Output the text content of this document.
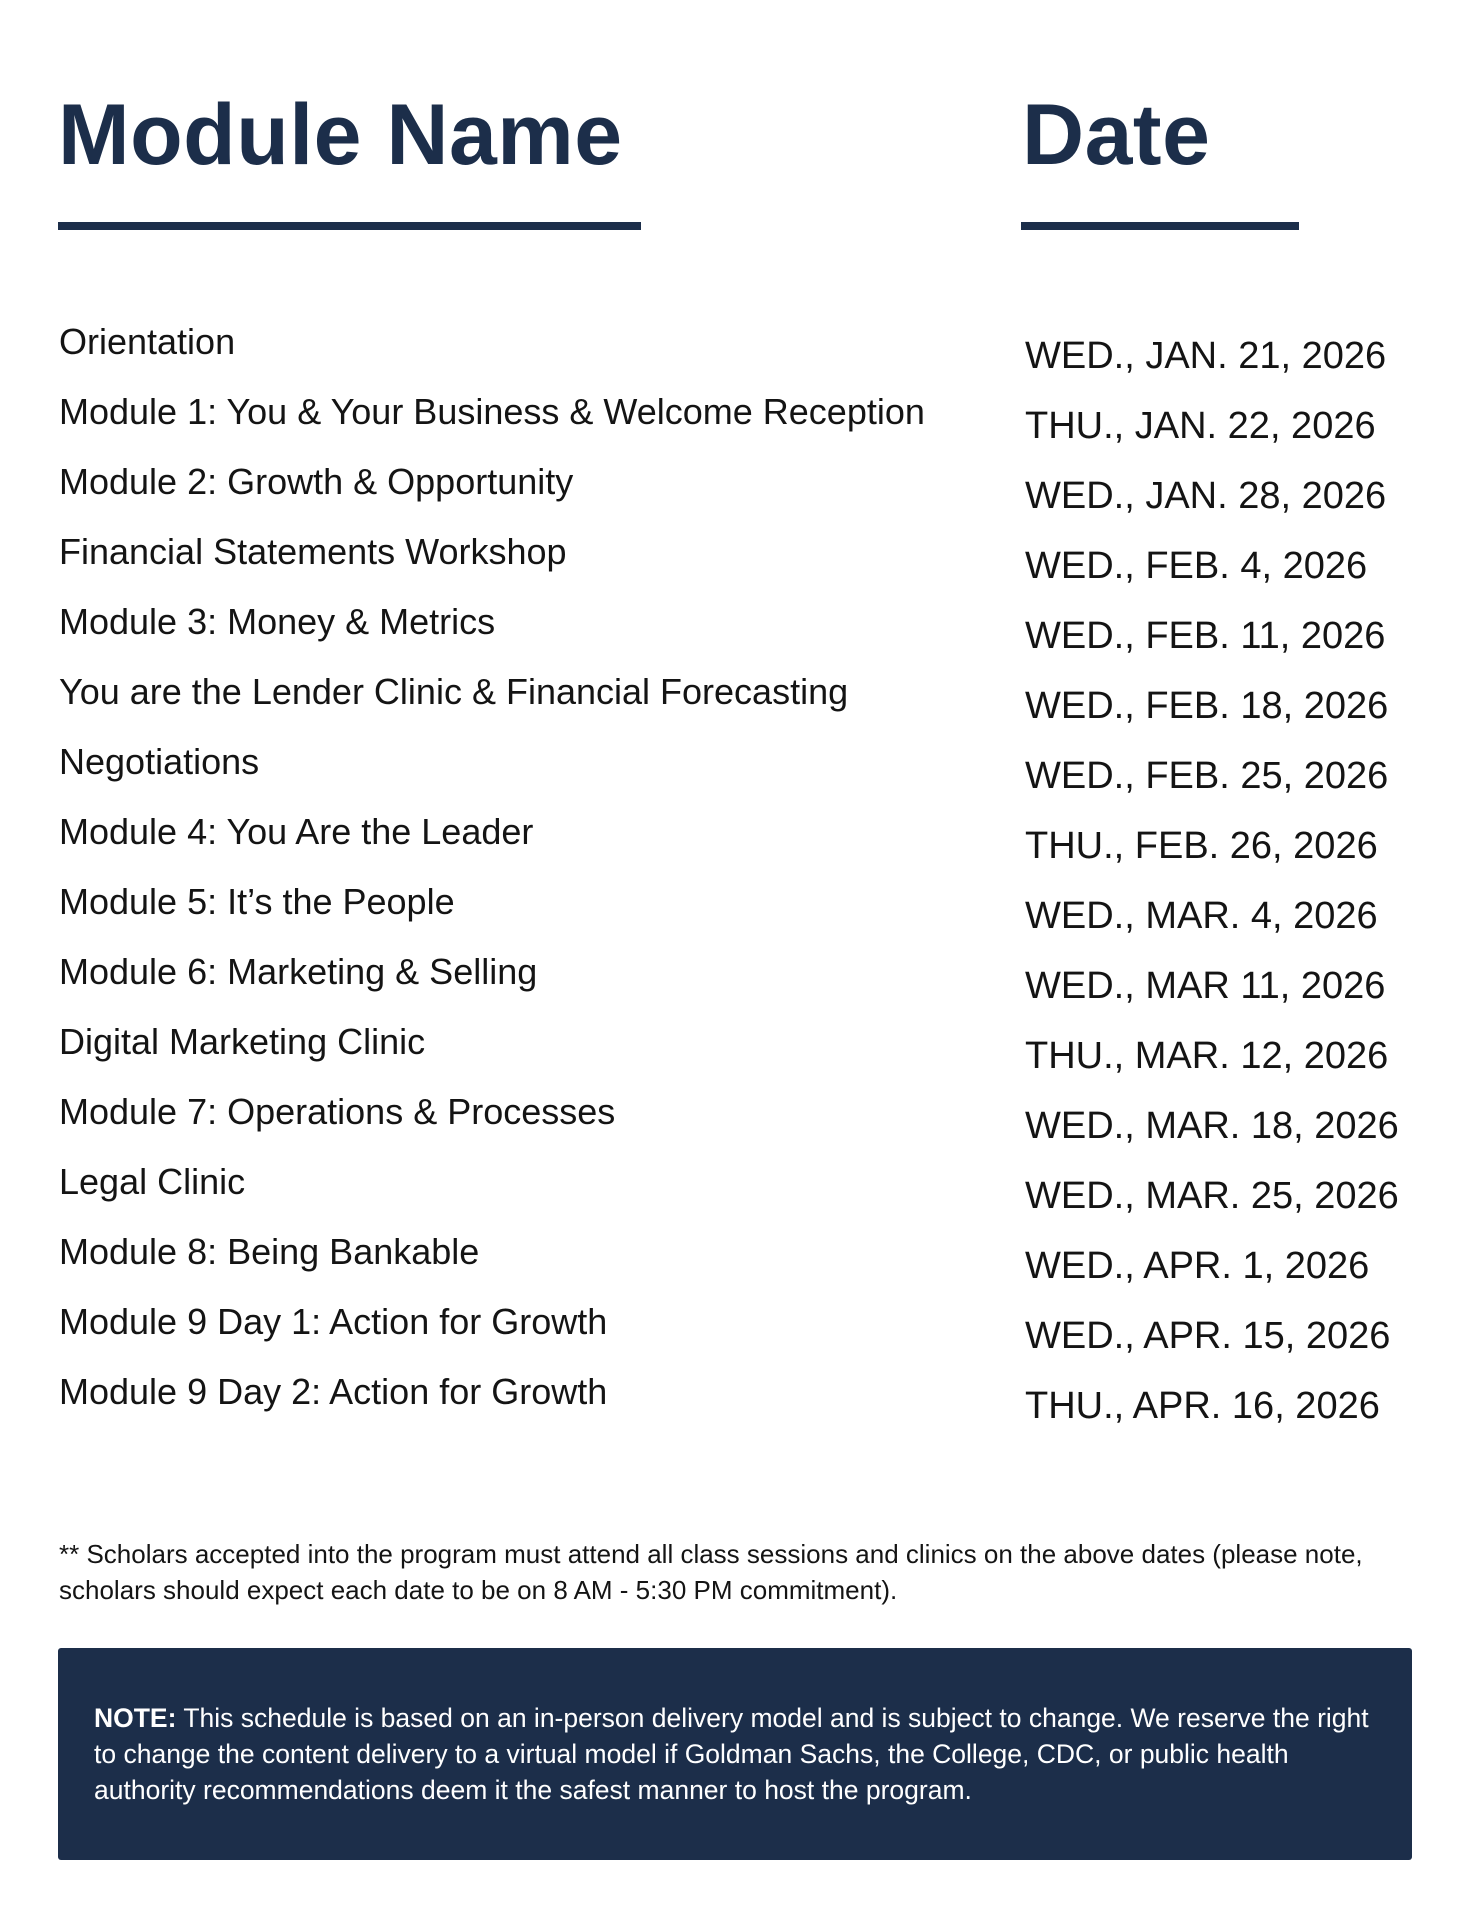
Module Name	Date
Orientation
Module 1: You & Your Business & Welcome Reception
Module 2: Growth & Opportunity
Financial Statements Workshop
Module 3: Money & Metrics
You are the Lender Clinic & Financial Forecasting
Negotiations
Module 4: You Are the Leader
Module 5: It’s the People
Module 6: Marketing & Selling
Digital Marketing Clinic
Module 7: Operations & Processes
Legal Clinic
Module 8: Being Bankable
Module 9 Day 1: Action for Growth
Module 9 Day 2: Action for Growth
WED., JAN. 21, 2026
THU., JAN. 22, 2026
WED., JAN. 28, 2026
WED., FEB. 4, 2026
WED., FEB. 11, 2026
WED., FEB. 18, 2026
WED., FEB. 25, 2026
THU., FEB. 26, 2026
WED., MAR. 4, 2026
WED., MAR 11, 2026
THU., MAR. 12, 2026
WED., MAR. 18, 2026
WED., MAR. 25, 2026
WED., APR. 1, 2026
WED., APR. 15, 2026
THU., APR. 16, 2026

** Scholars accepted into the program must attend all class sessions and clinics on the above dates (please note, scholars should expect each date to be on 8 AM - 5:30 PM commitment).

NOTE: This schedule is based on an in-person delivery model and is subject to change. We reserve the right to change the content delivery to a virtual model if Goldman Sachs, the College, CDC, or public health authority recommendations deem it the safest manner to host the program.
